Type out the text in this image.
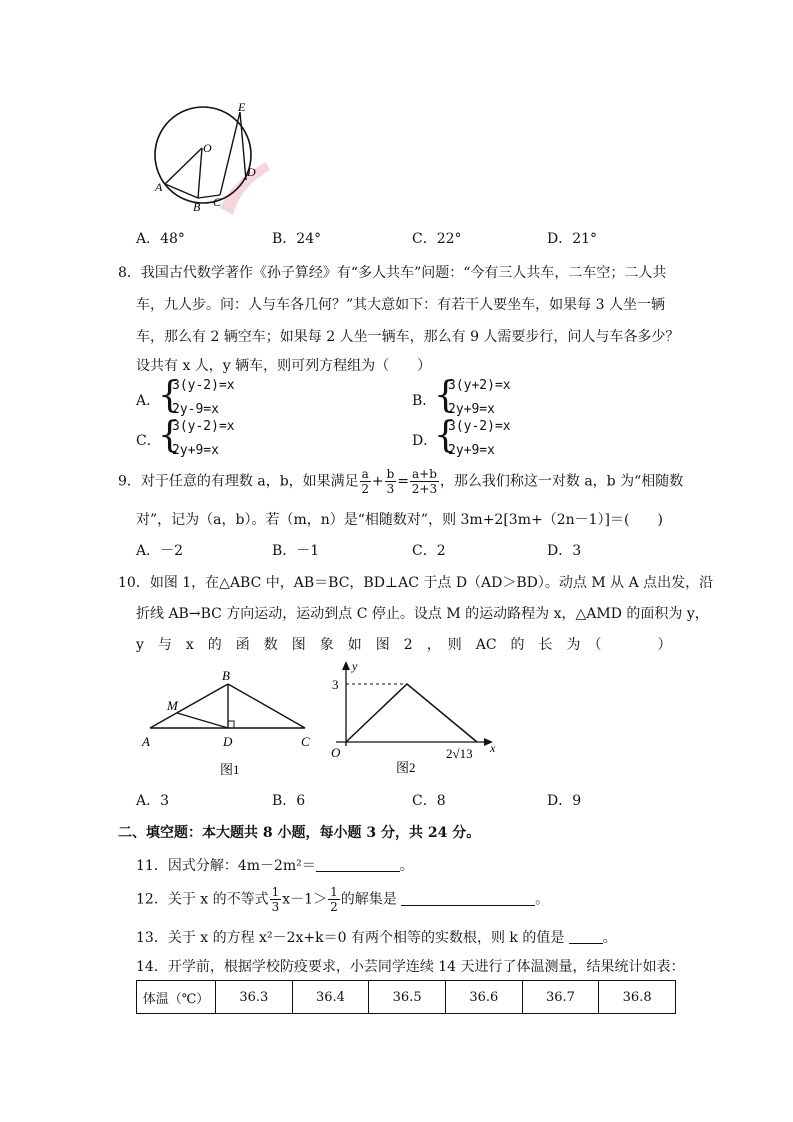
O
E
A
B C
D
A．48°	B．24°	C．22°	D．21°
8．我国古代数学著作《孙子算经》有“多人共车”问题：“今有三人共车，二车空；二人共
车，九人步。问：人与车各几何？”其大意如下：有若干人要坐车，如果每 3 人坐一辆
车，那么有 2 辆空车；如果每 2 人坐一辆车，那么有 9 人需要步行，问人与车各多少？
设共有 x 人，y 辆车，则可列方程组为（　　）
A．
{
3(y-2)=x
2y-9=x
B．
{
3(y+2)=x
2y+9=x
C．
{
3(y-2)=x
2y+9=x
D．
{
3(y-2)=x
2y+9=x
9．对于任意的有理数 a，b，如果满足 $\frac{a}{2} + \frac{b}{3} = \frac{a+b}{2+3}$ ，那么我们称这一对数 a，b 为“相随数
对”，记为（a，b）。若（m，n）是“相随数对”，则 3m+2[3m+（2n－1）]＝(　　)
A．－2	B．－1	C．2	D．3
10．如图 1，在△ABC 中，AB＝BC，BD⊥AC 于点 D（AD＞BD）。动点 M 从 A 点出发，沿
折线 AB→BC 方向运动，运动到点 C 停止。设点 M 的运动路程为 x，△AMD 的面积为 y，
y　与　x　的　函　数　图　象　如　图　2　，　则　AC　的　长　为　（　　　　）
A
B
C
D
M
图1
y
x
O
3
2√13
图2
A．3	B．6	C．8	D．9
二、填空题：本大题共 8 小题，每小题 3 分，共 24 分。
11．因式分解：4m－2m²＝	。
12．关于 x 的不等式 $\frac{1}{3} x-1> \frac{1}{2}$ 的解集是	。
13．关于 x 的方程 x²－2x+k＝0 有两个相等的实数根，则 k 的值是 。
14．开学前，根据学校防疫要求，小芸同学连续 14 天进行了体温测量，结果统计如表：
体温（℃）	36.3	36.4	36.5	36.6	36.7	36.8
